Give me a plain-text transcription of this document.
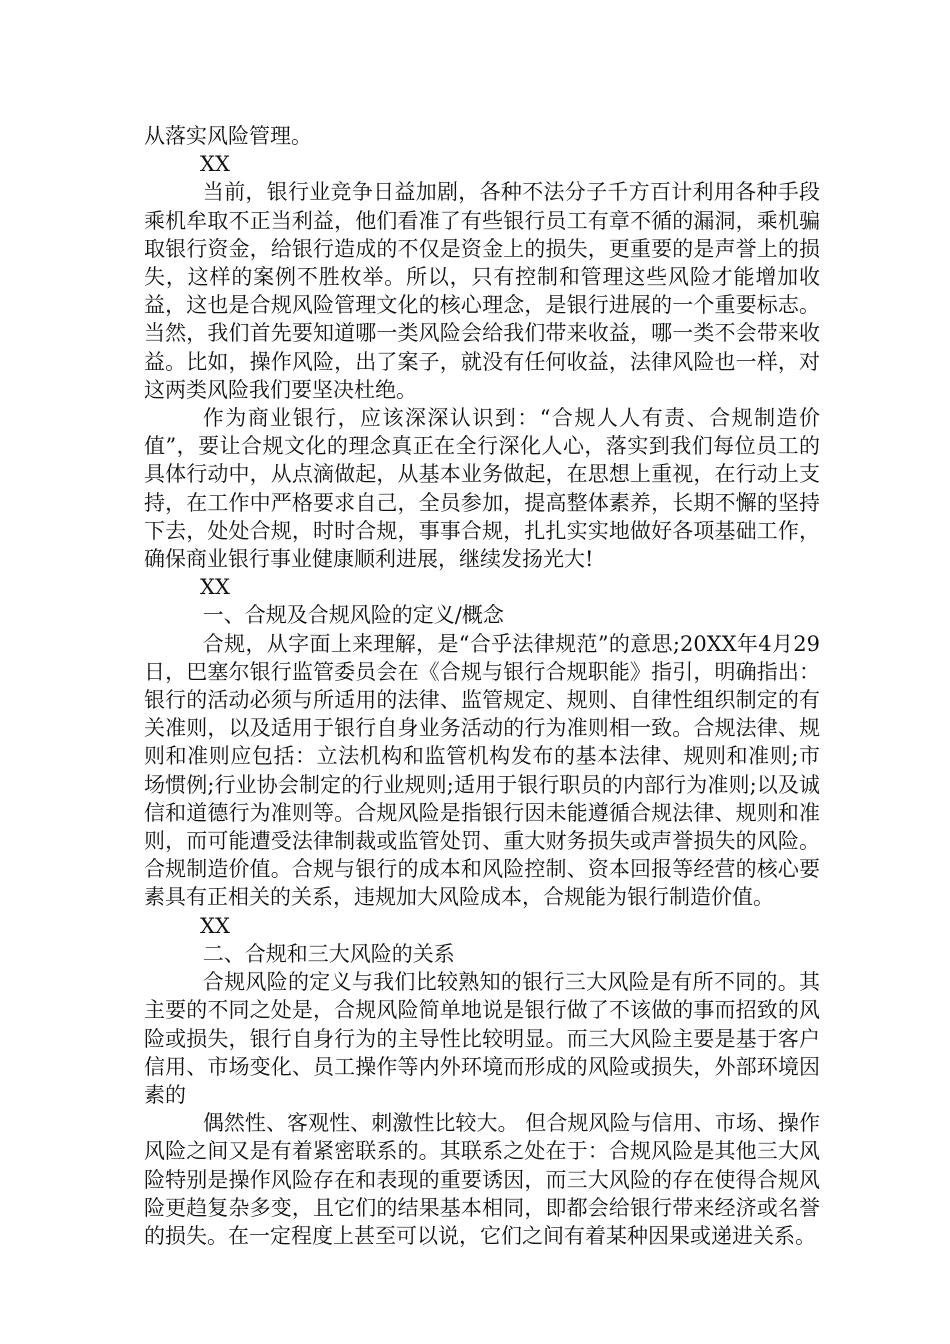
从落实风险管理。

XX

当前，银行业竞争日益加剧，各种不法分子千方百计利用各种手段乘机牟取不正当利益，他们看准了有些银行员工有章不循的漏洞，乘机骗取银行资金，给银行造成的不仅是资金上的损失，更重要的是声誉上的损失，这样的案例不胜枚举。所以，只有控制和管理这些风险才能增加收益，这也是合规风险管理文化的核心理念，是银行进展的一个重要标志。当然，我们首先要知道哪一类风险会给我们带来收益，哪一类不会带来收益。比如，操作风险，出了案子，就没有任何收益，法律风险也一样，对这两类风险我们要坚决杜绝。

作为商业银行，应该深深认识到：“合规人人有责、合规制造价值”，要让合规文化的理念真正在全行深化人心，落实到我们每位员工的具体行动中，从点滴做起，从基本业务做起，在思想上重视，在行动上支持，在工作中严格要求自己，全员参加，提高整体素养，长期不懈的坚持下去，处处合规，时时合规，事事合规，扎扎实实地做好各项基础工作，确保商业银行事业健康顺利进展，继续发扬光大!

XX

一、合规及合规风险的定义/概念

合规，从字面上来理解，是“合乎法律规范”的意思;20XX年4月29日，巴塞尔银行监管委员会在《合规与银行合规职能》指引，明确指出：银行的活动必须与所适用的法律、监管规定、规则、自律性组织制定的有关准则，以及适用于银行自身业务活动的行为准则相一致。合规法律、规则和准则应包括：立法机构和监管机构发布的基本法律、规则和准则;市场惯例;行业协会制定的行业规则;适用于银行职员的内部行为准则;以及诚信和道德行为准则等。合规风险是指银行因未能遵循合规法律、规则和准则，而可能遭受法律制裁或监管处罚、重大财务损失或声誉损失的风险。合规制造价值。合规与银行的成本和风险控制、资本回报等经营的核心要素具有正相关的关系，违规加大风险成本，合规能为银行制造价值。

XX

二、合规和三大风险的关系

合规风险的定义与我们比较熟知的银行三大风险是有所不同的。其主要的不同之处是，合规风险简单地说是银行做了不该做的事而招致的风险或损失，银行自身行为的主导性比较明显。而三大风险主要是基于客户信用、市场变化、员工操作等内外环境而形成的风险或损失，外部环境因素的

偶然性、客观性、刺激性比较大。 但合规风险与信用、市场、操作风险之间又是有着紧密联系的。其联系之处在于：合规风险是其他三大风险特别是操作风险存在和表现的重要诱因，而三大风险的存在使得合规风险更趋复杂多变，且它们的结果基本相同，即都会给银行带来经济或名誉的损失。在一定程度上甚至可以说，它们之间有着某种因果或递进关系。
